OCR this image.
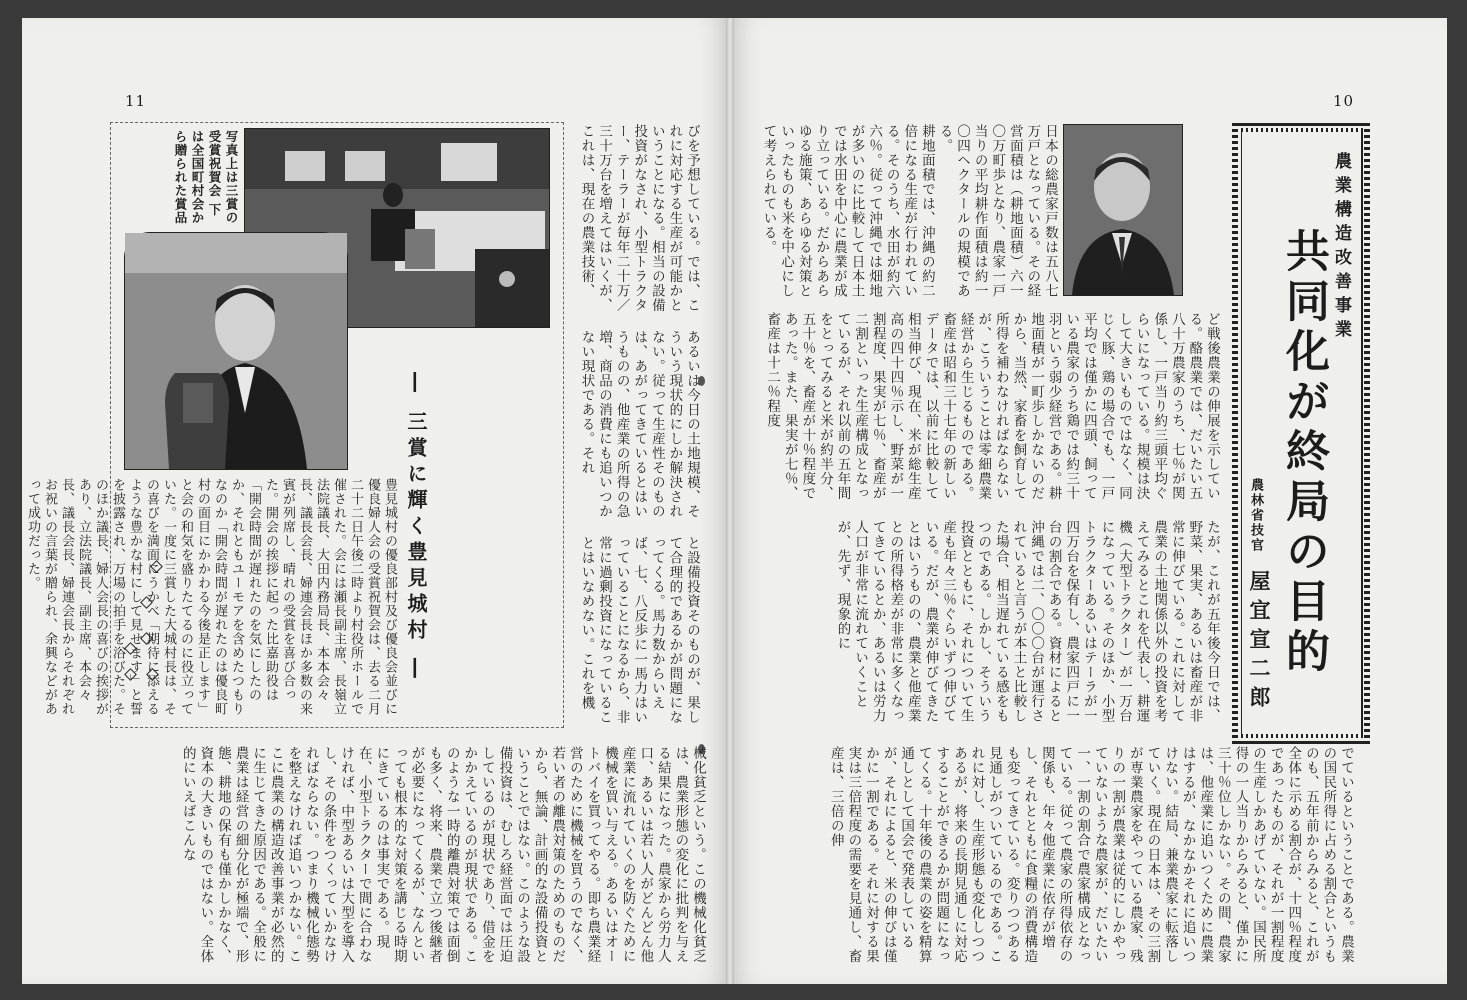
11	10
農業構造改善事業
共同化が終局の目的
農林省技官
屋宜宣二郎
日本の総農家戸数は五八七万戸となっている。その経営面積は（耕地面積）六一〇万町歩となり、農家一戸当りの平均耕作面積は約一〇四ヘクタールの規模である。
耕地面積では、沖縄の約二倍になる生産が行われている。そのうち、水田が約六六％。従って沖縄では畑地が多いのに比較して日本土では水田を中心に農業が成り立っている。だからあらゆる施策、あらゆる対策といったものも米を中心にして考えられている。
ど戦後農業の伸展を示している。酪農業では、だいたい五八十万農家のうち、七％が関係し、一戸当り約三頭平均ぐらいになっている。規模は決して大きいものではなく、同じく豚、鶏の場合でも、一戸平均では僅かに四頭、飼っている農家のうち鶏では約三十羽という弱少経営である。耕地面積が一町歩しかないのだから、当然、家畜を飼育して所得を補わなければならないが、こういうことは零細農業経営から生じるものである。畜産は昭和三十七年の新しいデータでは、以前に比較して相当伸び、現在、米が総生産高の四十四％示し、野菜が一割程度、果実が七％、畜産が二割といった生産構成となっているが、それ以前の五年間をとってみると米が約半分、五十％を、畜産が十％程度であった。また、果実が七％、畜産は十二％程度
たが、これが五年後今日では、野菜、果実、あるいは畜産が非常に伸びている。これに対して農業の土地関係以外の投資を考えてみるとこれを代表し、耕運機（大型トラクター）が一万台になっている。そのほか、小型トラクターあるいはテーラが一四万台を保有し、農家四戸に一台の割合である。資材によると沖縄では二、〇〇〇台が運行されていると言うが本土と比較した場合、相当遅れている感をもつのである。しかし、そういう投資とともに、それについて生産も年々三％ぐらいずつ伸びている。だが、農業が伸びてきたとはいうものの、農業と他産業との所得格差が非常に多くなってきているとか、あるいは労力人口が非常に流れていくことが、先ず、現象的に
でているということである。農業の国民所得に占める割合というものも、五年前からみると、これが全体に示める割合が、十四％程度であったものが、それが一割程度の生産しかあげていない。国民所得の一人当りからみると、僅かに三十％位しかない。その間、農家は、他産業に追いつくために農業はするが、なかなかそれに追いつけない。結局、兼業農家に転落していく。現在の日本は、その三割が専業農家をやっている農家、残りの一割が農業は従的にしかやっていないような農家が、だいたい一、一割の割合で農家構成となっている。従って農家の所得依存の関係も、年々他産業に依存が増し、それとともに食糧の消費構造も変ってきている。変りつつある見通しがついているのである。これに対し、生産形態も変化しつつあるが、将来の長期見通しに対応することができるかが問題になってくる。十年後の農業の姿を精算通しとして国会で発表しているが、それによると、米の伸びは僅かに一割である。それに対する果実は三倍程度の需要を見通し、畜産は、三倍の伸
写真上は三賞の受賞祝賀会 下は全国町村会から贈られた賞品	びを予想している。では、これに対応する生産が可能かということになる。相当の設備投資がなされ、小型トラクター、テーラーが毎年二十万／三十万台を増えてはいくが、これは、現在の農業技術、
あるいは今日の土地規模、そういう現状的にしか解決されない。従って生産性そのものは、あがってきているとはいうものの、他産業の所得の急増、商品の消費にも追いつかない現状である。それ
と設備投資そのものが、果して合理的であるかが問題になってくる。馬力数からいえば、七、八反歩に一馬力はいっていることになるから、非常に過剰投資になっていることはいなめない。これを機
― 三賞に輝く豊見城村 ―
豊見城村の優良部村及び優良会並びに優良婦人会の受賞祝賀会は、去る二月二十二日午後二時より村役所ホールで催された。会には瀬長副主席、長嶺立法院議長、大田内務局長、本本会々長、議長会長、婦連会長ほか多数の来賓が列席し、晴れの受賞を喜び合った。開会の挨拶に起った比嘉助役は「開会時間が遅れたのを気にしたのか、それともユーモアを含めたつもりなのか「開会時間が遅れたのは優良町村の面目にかかわる今後是正します」と会の和気を盛りたてるのに役立っていた。一度に三賞した大城村長は、その喜びを満面にうかべ「期待に添えるような豊かな村にして見せます」と誓を披露され、万場の拍手を浴びた。そのほか議長、婦人会長の喜びの挨拶があり、立法院議長、副主席、本会々長、議長会長、婦連会長からそれぞれお祝いの言葉が贈られ、余興などがあって成功だった。
械化貧乏という。この機械化貧乏は、農業形態の変化に批判を与える結果になった。農家から労力人口、あるいは若い人がどんどん他産業に流れていくのを防ぐために機械を買い与える。あるいはオートバイを買ってやる。即ち農業経営のために機械を買うのでなく、若い者の離農対策のためのものだから、無論、計画的な設備投資ということではない。このような設備投資は、むしろ経営面では圧迫しているのが現状であり、借金をかかえているのが現状である。このような一時的離農対策では面倒も多く、将来、農業で立つ後継者が必要になってくるが、なんといっても根本的な対策を講じる時期にきているのは事実である。現在、小型トラクターで間に合わなければ、中型あるいは大型を導入し、その条件をつくっていかなければならない。つまり機械化態勢を整えなければ追いつかない。ここに農業の構造改善事業が必然的に生じてきた原因である。全般に農業は経営の細分化が極端で、形態、耕地の保有も僅かしかなく、資本の大きいものではない。全体的にいえばこんな
